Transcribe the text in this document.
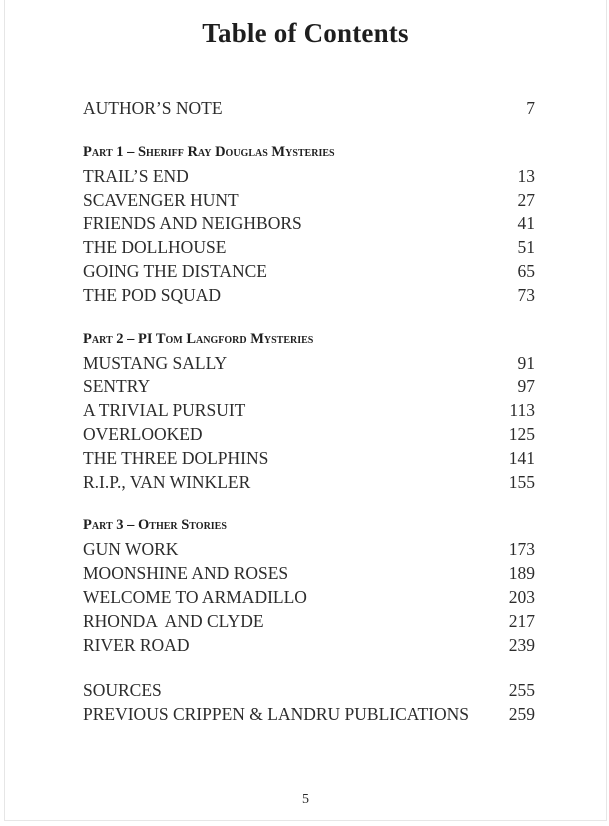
Table of Contents
AUTHOR’S NOTE	7
Part 1 – Sheriff Ray Douglas Mysteries
TRAIL’S END	13
SCAVENGER HUNT	27
FRIENDS AND NEIGHBORS	41
THE DOLLHOUSE	51
GOING THE DISTANCE	65
THE POD SQUAD	73
Part 2 – PI Tom Langford Mysteries
MUSTANG SALLY	91
SENTRY	97
A TRIVIAL PURSUIT	113
OVERLOOKED	125
THE THREE DOLPHINS	141
R.I.P., VAN WINKLER	155
Part 3 – Other Stories
GUN WORK	173
MOONSHINE AND ROSES	189
WELCOME TO ARMADILLO	203
RHONDA  AND CLYDE	217
RIVER ROAD	239
SOURCES	255
PREVIOUS CRIPPEN & LANDRU PUBLICATIONS 259
5
